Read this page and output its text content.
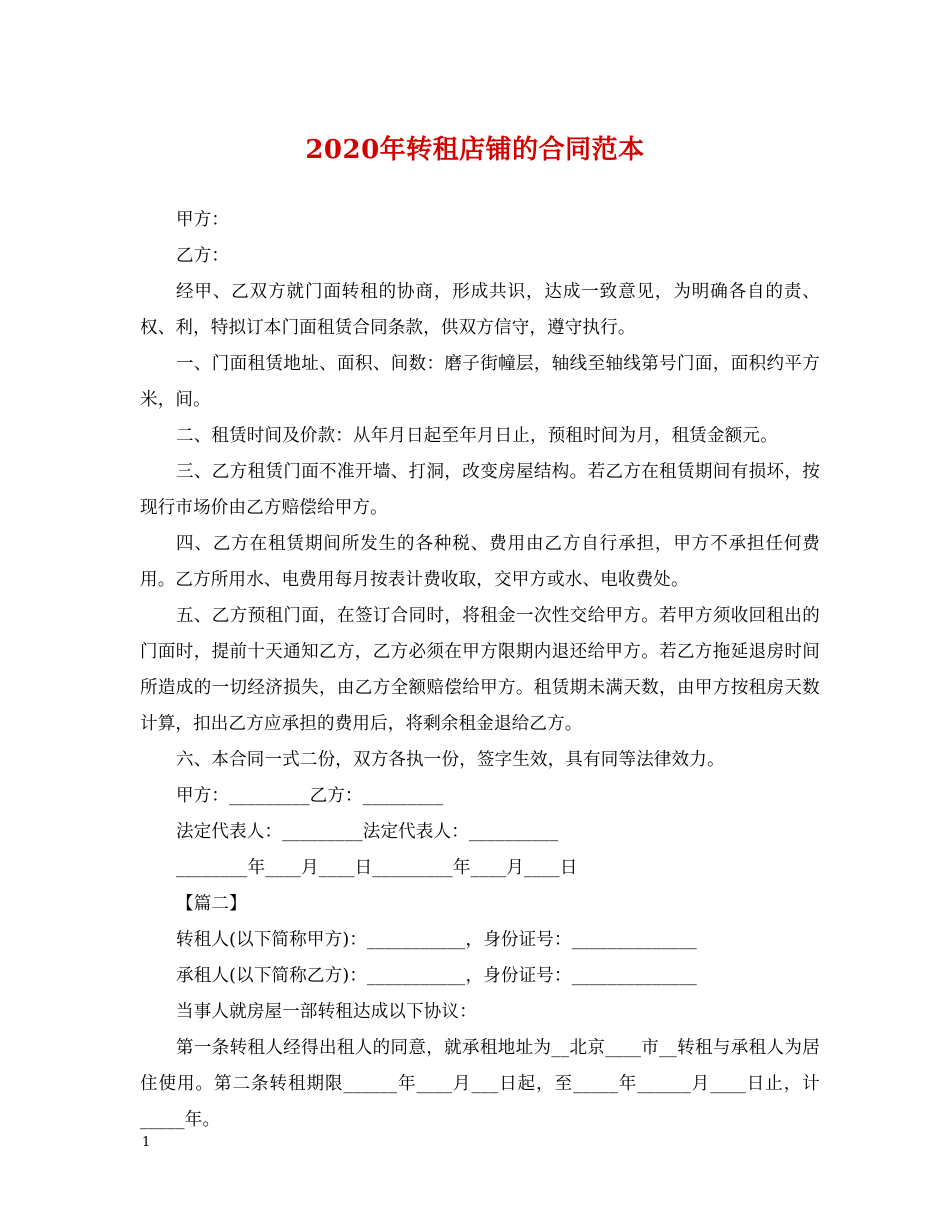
2020年转租店铺的合同范本

甲方：

乙方：

经甲、乙双方就门面转租的协商，形成共识，达成一致意见，为明确各自的责、权、利，特拟订本门面租赁合同条款，供双方信守，遵守执行。

一、门面租赁地址、面积、间数：磨子街幢层，轴线至轴线第号门面，面积约平方米，间。

二、租赁时间及价款：从年月日起至年月日止，预租时间为月，租赁金额元。

三、乙方租赁门面不准开墙、打洞，改变房屋结构。若乙方在租赁期间有损坏，按现行市场价由乙方赔偿给甲方。

四、乙方在租赁期间所发生的各种税、费用由乙方自行承担，甲方不承担任何费用。乙方所用水、电费用每月按表计费收取，交甲方或水、电收费处。

五、乙方预租门面，在签订合同时，将租金一次性交给甲方。若甲方须收回租出的门面时，提前十天通知乙方，乙方必须在甲方限期内退还给甲方。若乙方拖延退房时间所造成的一切经济损失，由乙方全额赔偿给甲方。租赁期未满天数，由甲方按租房天数计算，扣出乙方应承担的费用后，将剩余租金退给乙方。

六、本合同一式二份，双方各执一份，签字生效，具有同等法律效力。

甲方：_________乙方：_________

法定代表人：_________法定代表人：__________

________年____月____日_________年____月____日

【篇二】

转租人(以下简称甲方)：___________，身份证号：______________

承租人(以下简称乙方)：___________，身份证号：______________

当事人就房屋一部转租达成以下协议：

第一条转租人经得出租人的同意，就承租地址为__北京____市__转租与承租人为居住使用。第二条转租期限______年____月___日起，至_____年______月____日止，计_____年。

1
